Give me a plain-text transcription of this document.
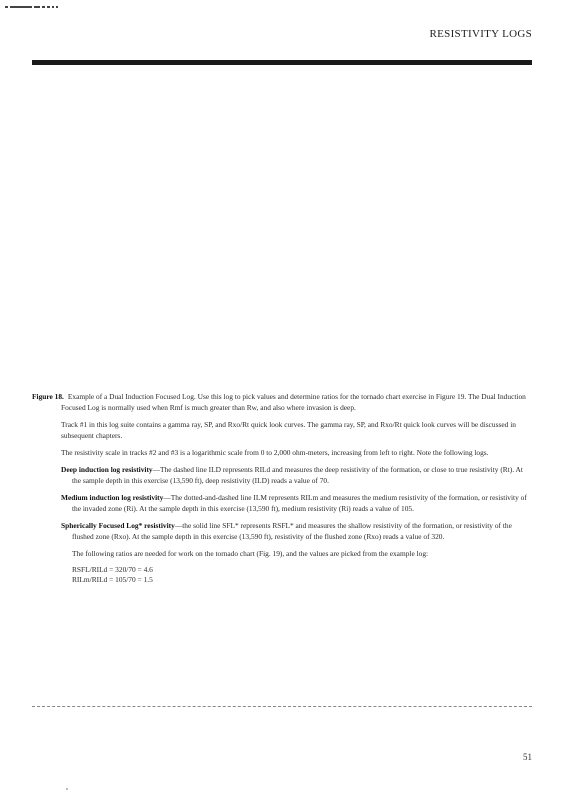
RESISTIVITY LOGS

Figure 18. Example of a Dual Induction Focused Log. Use this log to pick values and determine ratios for the tornado chart exercise in Figure 19. The Dual Induction Focused Log is normally used when Rmf is much greater than Rw, and also where invasion is deep.

Track #1 in this log suite contains a gamma ray, SP, and Rxo/Rt quick look curves. The gamma ray, SP, and Rxo/Rt quick look curves will be discussed in subsequent chapters.

The resistivity scale in tracks #2 and #3 is a logarithmic scale from 0 to 2,000 ohm-meters, increasing from left to right. Note the following logs.

Deep induction log resistivity—The dashed line ILD represents RILd and measures the deep resistivity of the formation, or close to true resistivity (Rt). At the sample depth in this exercise (13,590 ft), deep resistivity (ILD) reads a value of 70.

Medium induction log resistivity—The dotted-and-dashed line ILM represents RILm and measures the medium resistivity of the formation, or resistivity of the invaded zone (Ri). At the sample depth in this exercise (13,590 ft), medium resistivity (Ri) reads a value of 105.

Spherically Focused Log* resistivity—the solid line SFL* represents RSFL* and measures the shallow resistivity of the formation, or resistivity of the flushed zone (Rxo). At the sample depth in this exercise (13,590 ft), resistivity of the flushed zone (Rxo) reads a value of 320.

The following ratios are needed for work on the tornado chart (Fig. 19), and the values are picked from the example log:

RSFL/RILd = 320/70 = 4.6
RILm/RILd = 105/70 = 1.5
51
